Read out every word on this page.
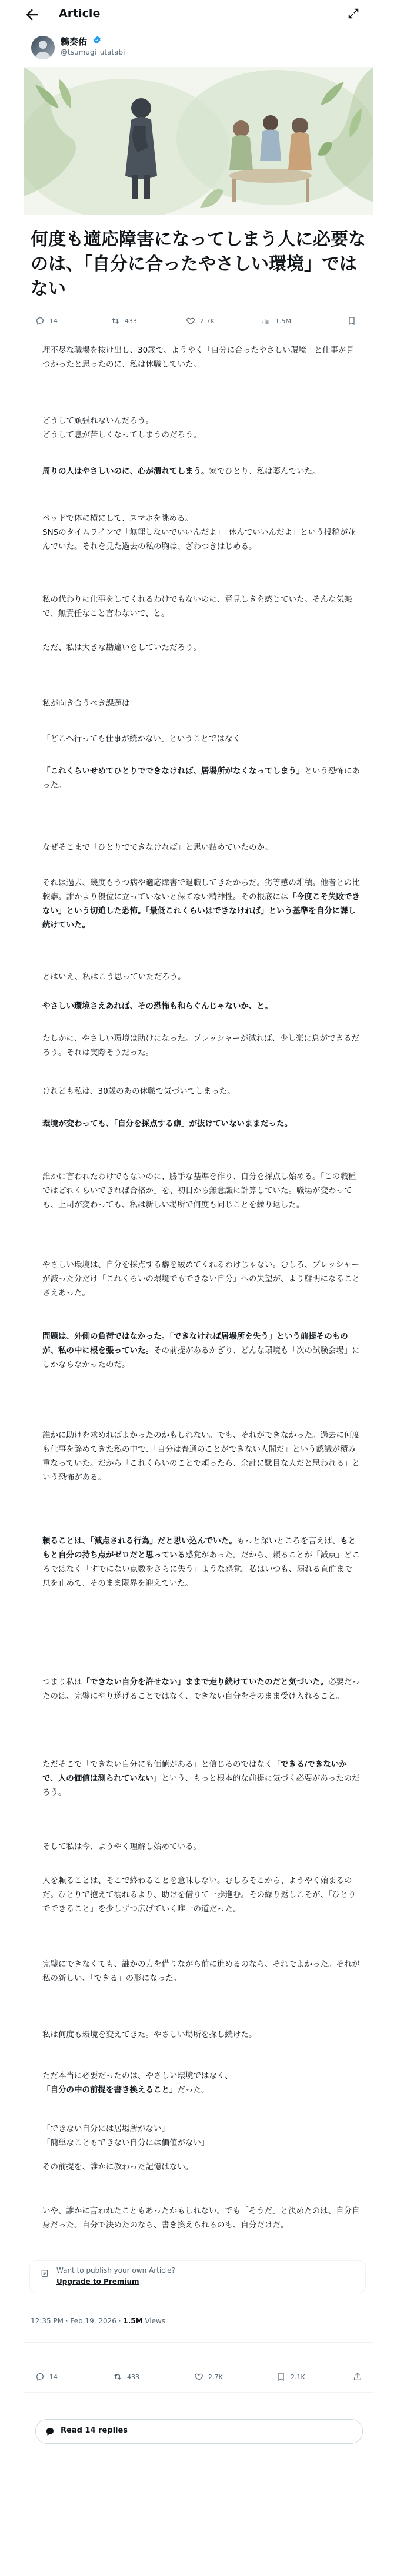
Article
鶫奏佑
@tsumugi_utatabi
何度も適応障害になってしまう人に必要なのは、「自分に合ったやさしい環境」ではない
14	433	2.7K	1.5M

理不尽な職場を抜け出し、30歳で、ようやく「自分に合ったやさしい環境」と仕事が見つかったと思ったのに、私は休職していた。

どうして頑張れないんだろう。
どうして息が苦しくなってしまうのだろう。

周りの人はやさしいのに、心が潰れてしまう。家でひとり、私は萎んでいた。

ベッドで体に横にして、スマホを眺める。
SNSのタイムラインで「無理しないでいいんだよ」「休んでいいんだよ」という投稿が並んでいた。それを見た過去の私の胸は、ざわつきはじめる。

私の代わりに仕事をしてくれるわけでもないのに、意見しきを感じていた。そんな気楽で、無責任なこと言わないで、と。

ただ、私は大きな勘違いをしていただろう。

私が向き合うべき課題は

「どこへ行っても仕事が続かない」ということではなく

「これくらいせめてひとりでできなければ、居場所がなくなってしまう」という恐怖にあった。

なぜそこまで「ひとりでできなければ」と思い詰めていたのか。

それは過去、幾度もうつ病や適応障害で退職してきたからだ。劣等感の堆積。他者との比較癖。誰かより優位に立っていないと保てない精神性。その根底には「今度こそ失敗できない」という切迫した恐怖。「最低これくらいはできなければ」という基準を自分に課し続けていた。

とはいえ、私はこう思っていただろう。

やさしい環境さえあれば、その恐怖も和らぐんじゃないか、と。

たしかに、やさしい環境は助けになった。プレッシャーが減れば、少し楽に息ができるだろう。それは実際そうだった。

けれども私は、30歳のあの休職で気づいてしまった。

環境が変わっても、「自分を採点する癖」が抜けていないままだった。

誰かに言われたわけでもないのに、勝手な基準を作り、自分を採点し始める。「この職種ではどれくらいできれば合格か」を、初日から無意識に計算していた。職場が変わっても、上司が変わっても、私は新しい場所で何度も同じことを繰り返した。

やさしい環境は、自分を採点する癖を緩めてくれるわけじゃない。むしろ、プレッシャーが減った分だけ「これくらいの環境でもできない自分」への失望が、より鮮明になることさえあった。

問題は、外側の負荷ではなかった。「できなければ居場所を失う」という前提そのものが、私の中に根を張っていた。その前提があるかぎり、どんな環境も「次の試験会場」にしかならなかったのだ。

誰かに助けを求めればよかったのかもしれない。でも、それができなかった。過去に何度も仕事を辞めてきた私の中で、「自分は普通のことができない人間だ」という認識が積み重なっていた。だから「これくらいのことで頼ったら、余計に駄目な人だと思われる」という恐怖がある。

頼ることは、「減点される行為」だと思い込んでいた。もっと深いところを言えば、もともと自分の持ち点がゼロだと思っている感覚があった。だから、頼ることが「減点」どころではなく「すでにない点数をさらに失う」ような感覚。私はいつも、溺れる直前まで息を止めて、そのまま限界を迎えていた。

つまり私は「できない自分を許せない」ままで走り続けていたのだと気づいた。必要だったのは、完璧にやり遂げることではなく、できない自分をそのまま受け入れること。

ただそこで「できない自分にも価値がある」と信じるのではなく「できる/できないかで、人の価値は測られていない」という、もっと根本的な前提に気づく必要があったのだろう。

そして私は今、ようやく理解し始めている。

人を頼ることは、そこで終わることを意味しない。むしろそこから、ようやく始まるのだ。ひとりで抱えて溺れるより、助けを借りて一歩進む。その繰り返しこそが、「ひとりでできること」を少しずつ広げていく唯一の道だった。

完璧にできなくても、誰かの力を借りながら前に進めるのなら、それでよかった。それが私の新しい、「できる」の形になった。

私は何度も環境を変えてきた。やさしい場所を探し続けた。

ただ本当に必要だったのは、やさしい環境ではなく、「自分の中の前提を書き換えること」だった。

「できない自分には居場所がない」
「簡単なこともできない自分には価値がない」

その前提を、誰かに教わった記憶はない。

いや、誰かに言われたこともあったかもしれない。でも「そうだ」と決めたのは、自分自身だった。自分で決めたのなら、書き換えられるのも、自分だけだ。

Want to publish your own Article?
Upgrade to Premium
12:35 PM · Feb 19, 2026 · 1.5M Views
14	433	2.7K	2.1K
Read 14 replies
